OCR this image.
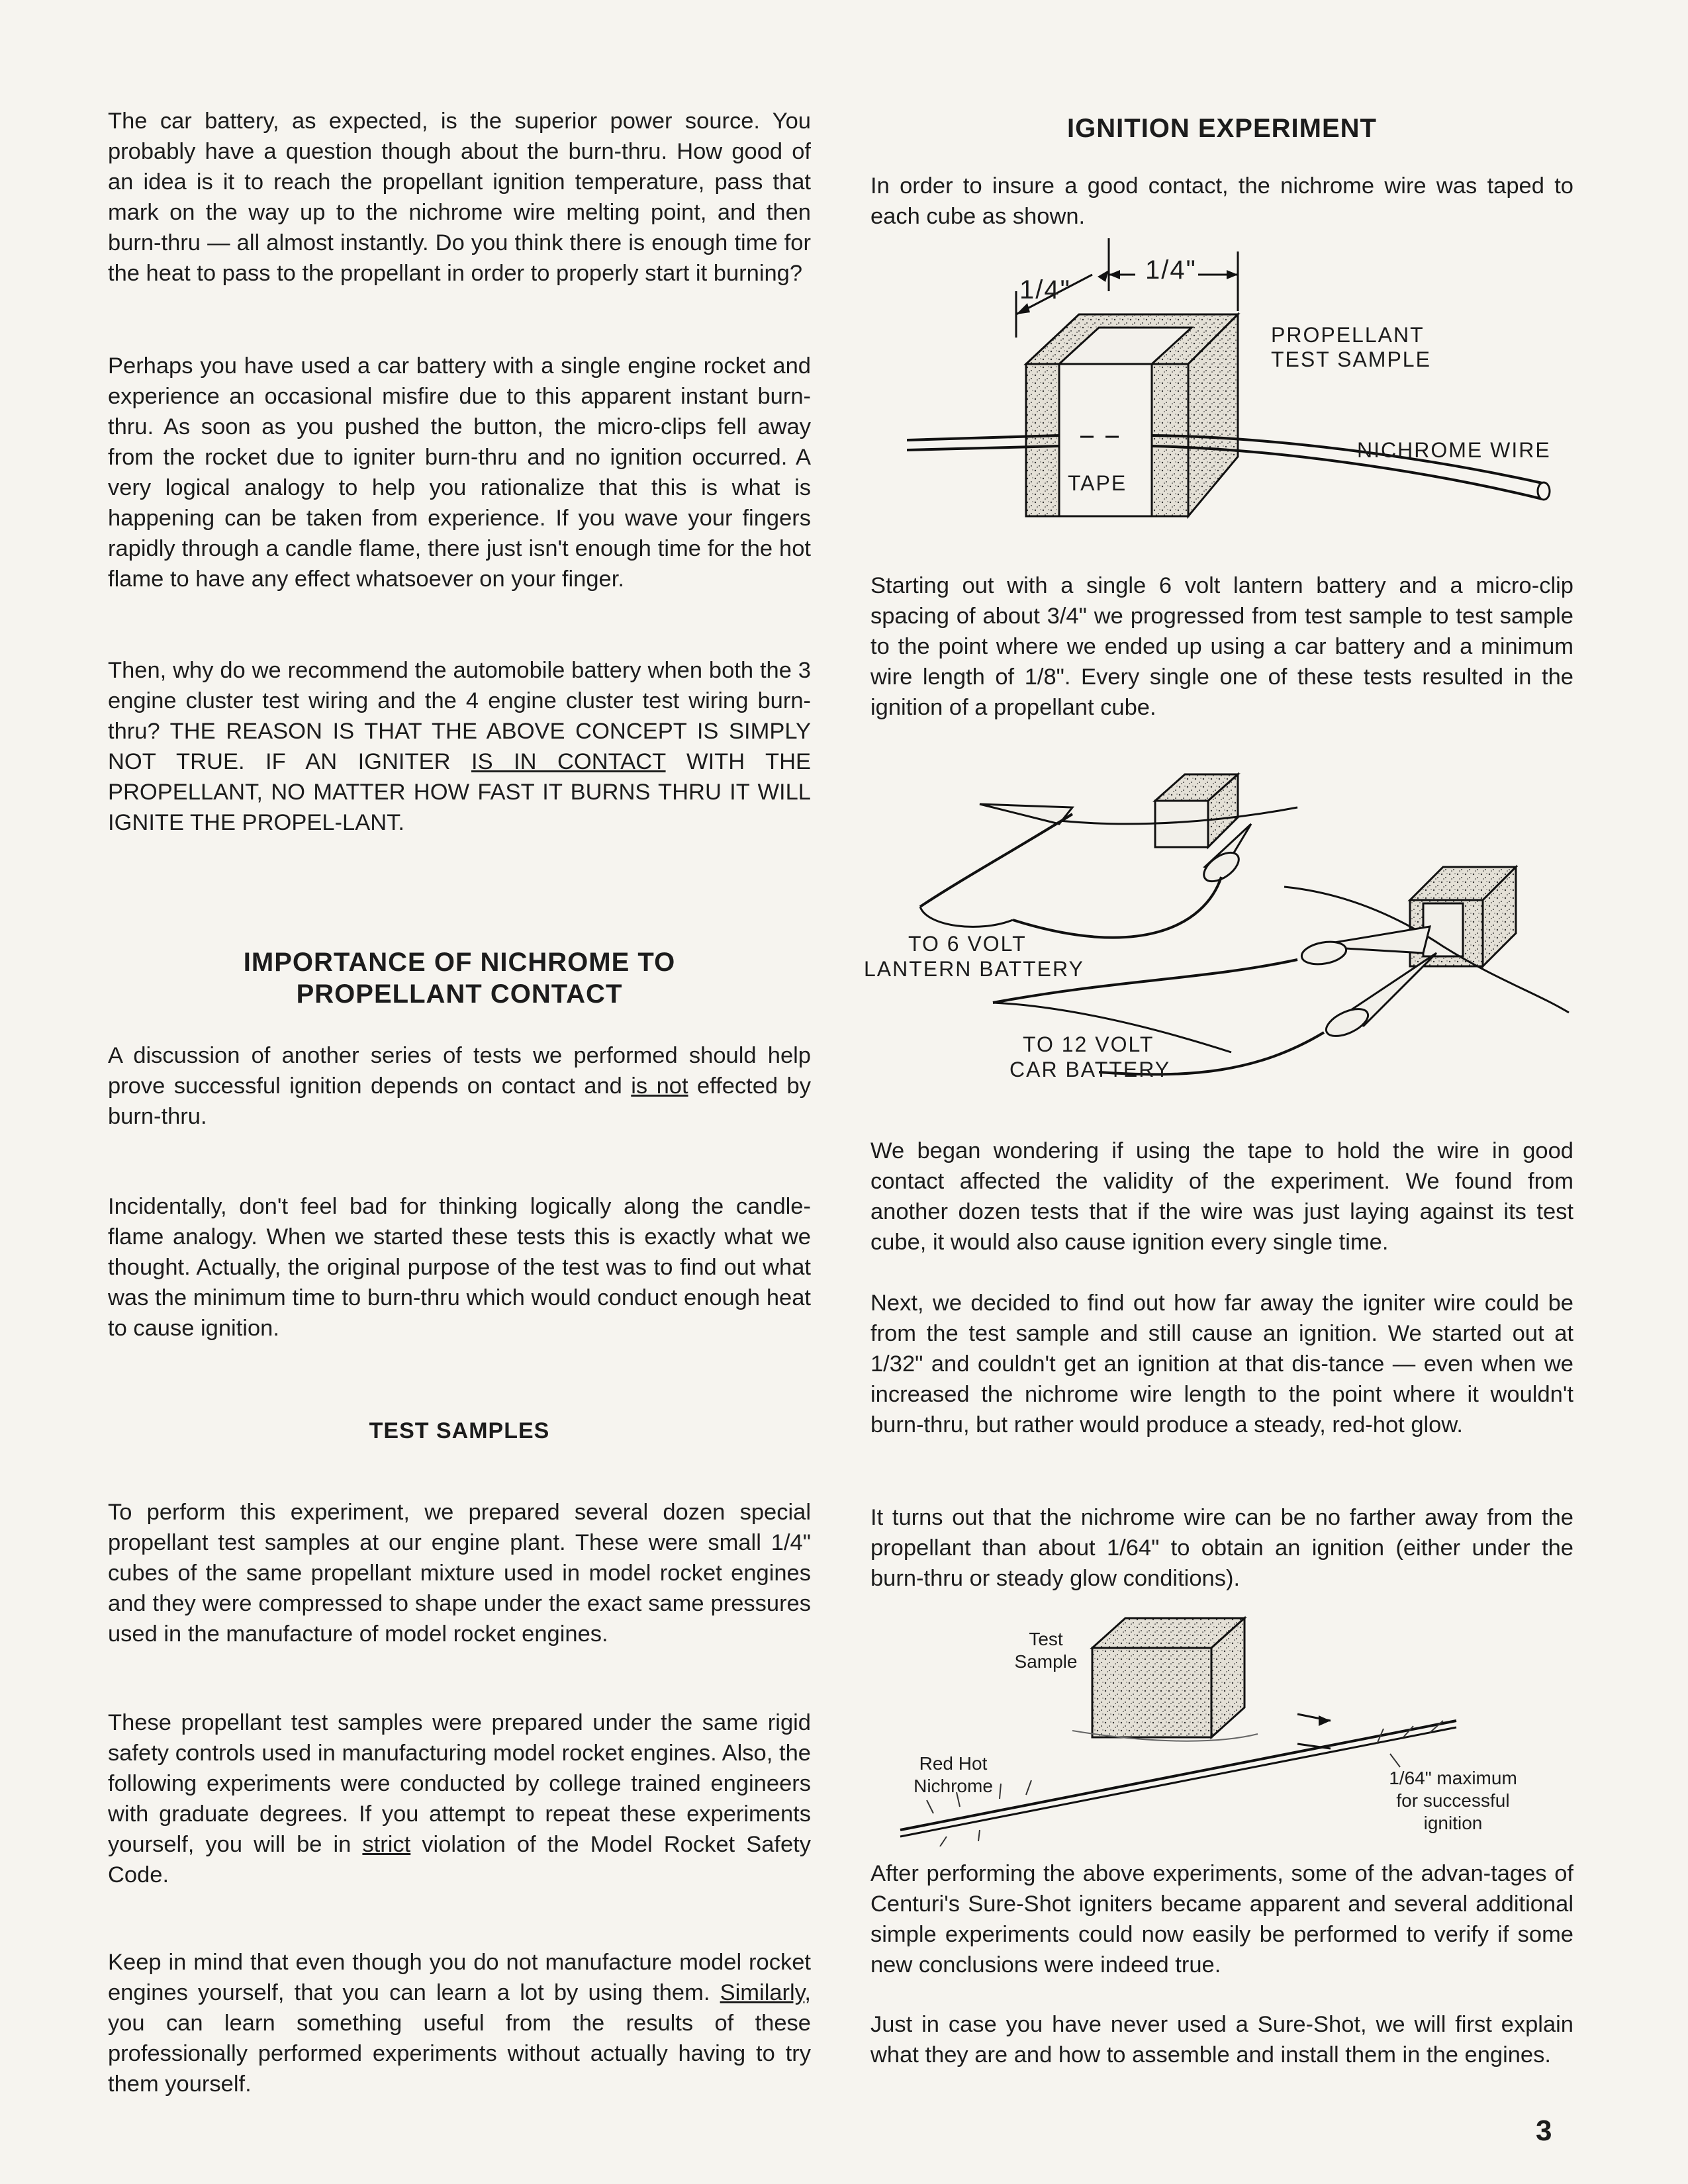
The car battery, as expected, is the superior power source. You probably have a question though about the burn-thru. How good of an idea is it to reach the propellant ignition temperature, pass that mark on the way up to the nichrome wire melting point, and then burn-thru — all almost instantly. Do you think there is enough time for the heat to pass to the propellant in order to properly start it burning?

Perhaps you have used a car battery with a single engine rocket and experience an occasional misfire due to this apparent instant burn-thru. As soon as you pushed the button, the micro-clips fell away from the rocket due to igniter burn-thru and no ignition occurred. A very logical analogy to help you rationalize that this is what is happening can be taken from experience. If you wave your fingers rapidly through a candle flame, there just isn't enough time for the hot flame to have any effect whatsoever on your finger.

Then, why do we recommend the automobile battery when both the 3 engine cluster test wiring and the 4 engine cluster test wiring burn-thru? THE REASON IS THAT THE ABOVE CONCEPT IS SIMPLY NOT TRUE. IF AN IGNITER IS IN CONTACT WITH THE PROPELLANT, NO MATTER HOW FAST IT BURNS THRU IT WILL IGNITE THE PROPEL-LANT.

IMPORTANCE OF NICHROME TO
PROPELLANT CONTACT

A discussion of another series of tests we performed should help prove successful ignition depends on contact and is not effected by burn-thru.

Incidentally, don't feel bad for thinking logically along the candle-flame analogy. When we started these tests this is exactly what we thought. Actually, the original purpose of the test was to find out what was the minimum time to burn-thru which would conduct enough heat to cause ignition.

TEST SAMPLES

To perform this experiment, we prepared several dozen special propellant test samples at our engine plant. These were small 1/4" cubes of the same propellant mixture used in model rocket engines and they were compressed to shape under the exact same pressures used in the manufacture of model rocket engines.

These propellant test samples were prepared under the same rigid safety controls used in manufacturing model rocket engines. Also, the following experiments were conducted by college trained engineers with graduate degrees. If you attempt to repeat these experiments yourself, you will be in strict violation of the Model Rocket Safety Code.

Keep in mind that even though you do not manufacture model rocket engines yourself, that you can learn a lot by using them. Similarly, you can learn something useful from the results of these professionally performed experiments without actually having to try them yourself.

IGNITION EXPERIMENT

In order to insure a good contact, the nichrome wire was taped to each cube as shown.

1/4"
1/4"
PROPELLANT
TEST SAMPLE
NICHROME WIRE
TAPE

Starting out with a single 6 volt lantern battery and a micro-clip spacing of about 3/4" we progressed from test sample to test sample to the point where we ended up using a car battery and a minimum wire length of 1/8". Every single one of these tests resulted in the ignition of a propellant cube.

TO 6 VOLT
LANTERN BATTERY
TO 12 VOLT
CAR BATTERY

We began wondering if using the tape to hold the wire in good contact affected the validity of the experiment. We found from another dozen tests that if the wire was just laying against its test cube, it would also cause ignition every single time.

Next, we decided to find out how far away the igniter wire could be from the test sample and still cause an ignition. We started out at 1/32" and couldn't get an ignition at that dis-tance — even when we increased the nichrome wire length to the point where it wouldn't burn-thru, but rather would produce a steady, red-hot glow.

It turns out that the nichrome wire can be no farther away from the propellant than about 1/64" to obtain an ignition (either under the burn-thru or steady glow conditions).

Test
Sample
Red Hot
Nichrome	1/64" maximum
for successful
ignition

After performing the above experiments, some of the advan-tages of Centuri's Sure-Shot igniters became apparent and several additional simple experiments could now easily be performed to verify if some new conclusions were indeed true.

Just in case you have never used a Sure-Shot, we will first explain what they are and how to assemble and install them in the engines.

3
